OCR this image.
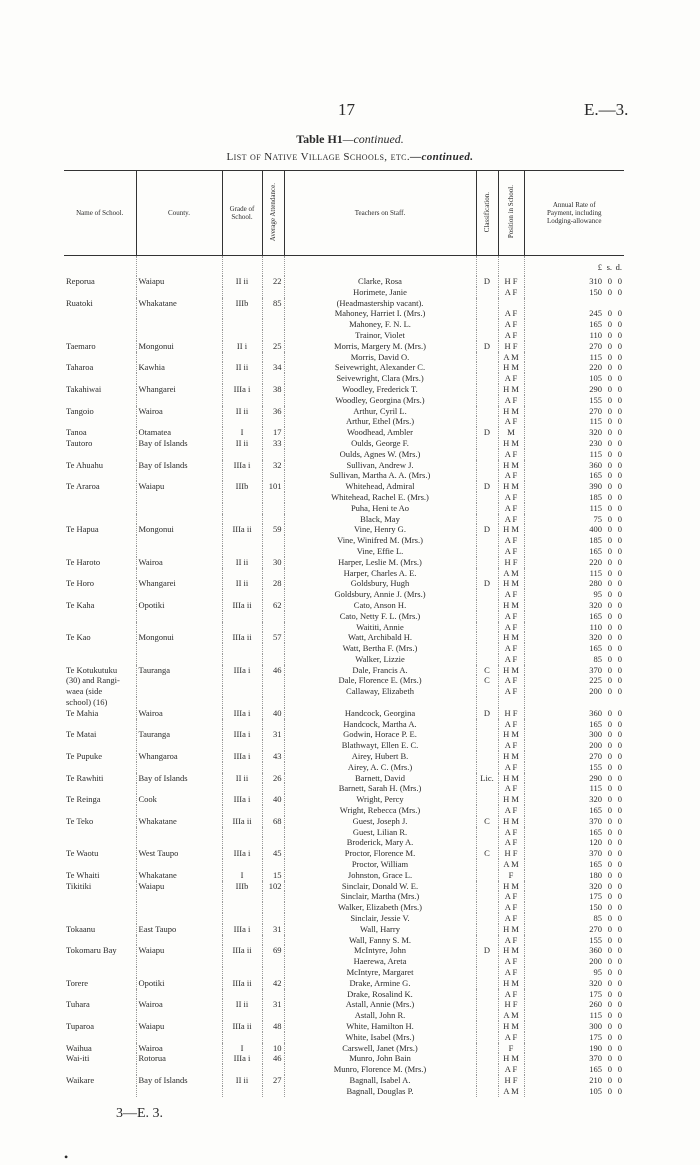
17	E.—3.
Table H1—continued.
List of Native Village Schools, etc.—continued.
Name of School.	County.	Grade of School.	Average Attendance.	Teachers on Staff.	Classification.	Position in School.	Annual Rate of Payment, including Lodging-allowance

							£ s. d.

Reporua	Waiapu	II ii	22	Clarke, Rosa	D	H F	310 0 0

				Horimete, Janie		A F	150 0 0

Ruatoki	Whakatane	IIIb	85	(Headmastership vacant).			

				Mahoney, Harriet I. (Mrs.)		A F	245 0 0

				Mahoney, F. N. L.		A F	165 0 0

				Trainor, Violet		A F	110 0 0

Taemaro	Mongonui	II i	25	Morris, Margery M. (Mrs.)	D	H F	270 0 0

				Morris, David O.		A M	115 0 0

Taharoa	Kawhia	II ii	34	Seivewright, Alexander C.		H M	220 0 0

				Seivewright, Clara (Mrs.)		A F	105 0 0

Takahiwai	Whangarei	IIIa i	38	Woodley, Frederick T.		H M	290 0 0

				Woodley, Georgina (Mrs.)		A F	155 0 0

Tangoio	Wairoa	II ii	36	Arthur, Cyril L.		H M	270 0 0

				Arthur, Ethel (Mrs.)		A F	115 0 0

Tanoa	Otamatea	I	17	Woodhead, Ambler	D	M	320 0 0

Tautoro	Bay of Islands	II ii	33	Oulds, George F.		H M	230 0 0

				Oulds, Agnes W. (Mrs.)		A F	115 0 0

Te Ahuahu	Bay of Islands	IIIa i	32	Sullivan, Andrew J.		H M	360 0 0

				Sullivan, Martha A. A. (Mrs.)		A F	165 0 0

Te Araroa	Waiapu	IIIb	101	Whitehead, Admiral	D	H M	390 0 0

				Whitehead, Rachel E. (Mrs.)		A F	185 0 0

				Puha, Heni te Ao		A F	115 0 0

				Black, May		A F	75 0 0

Te Hapua	Mongonui	IIIa ii	59	Vine, Henry G.	D	H M	400 0 0

				Vine, Winifred M. (Mrs.)		A F	185 0 0

				Vine, Effie L.		A F	165 0 0

Te Haroto	Wairoa	II ii	30	Harper, Leslie M. (Mrs.)		H F	220 0 0

				Harper, Charles A. E.		A M	115 0 0

Te Horo	Whangarei	II ii	28	Goldsbury, Hugh	D	H M	280 0 0

				Goldsbury, Annie J. (Mrs.)		A F	95 0 0

Te Kaha	Opotiki	IIIa ii	62	Cato, Anson H.		H M	320 0 0

				Cato, Netty F. L. (Mrs.)		A F	165 0 0

				Waititi, Annie		A F	110 0 0

Te Kao	Mongonui	IIIa ii	57	Watt, Archibald H.		H M	320 0 0

				Watt, Bertha F. (Mrs.)		A F	165 0 0

				Walker, Lizzie		A F	85 0 0

Te Kotukutuku	Tauranga	IIIa i	46	Dale, Francis A.	C	H M	370 0 0

(30) and Rangi-				Dale, Florence E. (Mrs.)	C	A F	225 0 0

waea (side				Callaway, Elizabeth		A F	200 0 0

school) (16)							

Te Mahia	Wairoa	IIIa i	40	Handcock, Georgina	D	H F	360 0 0

				Handcock, Martha A.		A F	165 0 0

Te Matai	Tauranga	IIIa i	31	Godwin, Horace P. E.		H M	300 0 0

				Blathwayt, Ellen E. C.		A F	200 0 0

Te Pupuke	Whangaroa	IIIa i	43	Airey, Hubert B.		H M	270 0 0

				Airey, A. C. (Mrs.)		A F	155 0 0

Te Rawhiti	Bay of Islands	II ii	26	Barnett, David	Lic.	H M	290 0 0

				Barnett, Sarah H. (Mrs.)		A F	115 0 0

Te Reinga	Cook	IIIa i	40	Wright, Percy		H M	320 0 0

				Wright, Rebecca (Mrs.)		A F	165 0 0

Te Teko	Whakatane	IIIa ii	68	Guest, Joseph J.	C	H M	370 0 0

				Guest, Lilian R.		A F	165 0 0

				Broderick, Mary A.		A F	120 0 0

Te Waotu	West Taupo	IIIa i	45	Proctor, Florence M.	C	H F	370 0 0

				Proctor, William		A M	165 0 0

Te Whaiti	Whakatane	I	15	Johnston, Grace L.		F	180 0 0

Tikitiki	Waiapu	IIIb	102	Sinclair, Donald W. E.		H M	320 0 0

				Sinclair, Martha (Mrs.)		A F	175 0 0

				Walker, Elizabeth (Mrs.)		A F	150 0 0

				Sinclair, Jessie V.		A F	85 0 0

Tokaanu	East Taupo	IIIa i	31	Wall, Harry		H M	270 0 0

				Wall, Fanny S. M.		A F	155 0 0

Tokomaru Bay	Waiapu	IIIa ii	69	McIntyre, John	D	H M	360 0 0

				Haerewa, Areta		A F	200 0 0

				McIntyre, Margaret		A F	95 0 0

Torere	Opotiki	IIIa ii	42	Drake, Armine G.		H M	320 0 0

				Drake, Rosalind K.		A F	175 0 0

Tuhara	Wairoa	II ii	31	Astall, Annie (Mrs.)		H F	260 0 0

				Astall, John R.		A M	115 0 0

Tuparoa	Waiapu	IIIa ii	48	White, Hamilton H.		H M	300 0 0

				White, Isabel (Mrs.)		A F	175 0 0

Waihua	Wairoa	I	10	Carswell, Janet (Mrs.)		F	190 0 0

Wai-iti	Rotorua	IIIa i	46	Munro, John Bain		H M	370 0 0

				Munro, Florence M. (Mrs.)		A F	165 0 0

Waikare	Bay of Islands	II ii	27	Bagnall, Isabel A.		H F	210 0 0

				Bagnall, Douglas P.		A M	105 0 0
3—E. 3.
•
